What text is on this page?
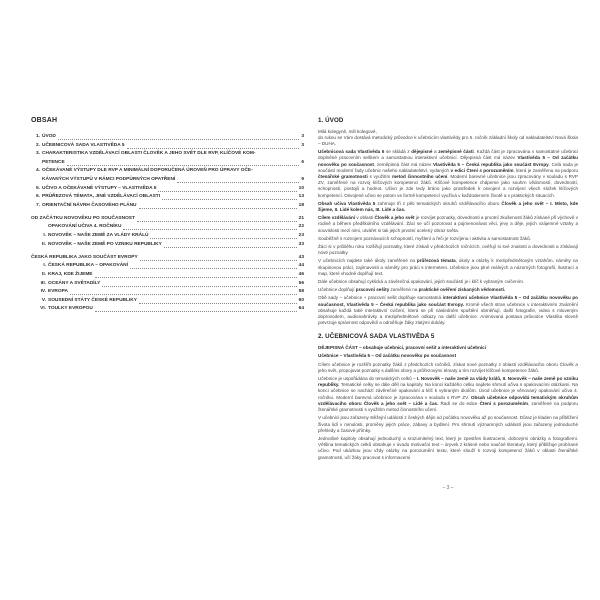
OBSAH
1. ÚVOD	3
2. UČEBNICOVÁ SADA VLASTIVĚDA 5	3
3. CHARAKTERISTIKA VZDĚLÁVACÍ OBLASTI ČLOVĚK A JEHO SVĚT DLE RVP, KLÍČOVÉ KOM-
PETENCE	6
4. OČEKÁVANÉ VÝSTUPY DLE RVP A MINIMÁLNÍ DOPORUČENÁ ÚROVEŇ PRO ÚPRAVY OČE-
KÁVANÝCH VÝSTUPŮ V RÁMCI PODPŮRNÝCH OPATŘENÍ	9
5. UČIVO A OČEKÁVANÉ VÝSTUPY – VLASTIVĚDA 5	10
6. PRŮŘEZOVÁ TÉMATA, JINÉ VZDĚLÁVACÍ OBLASTI	13
7. ORIENTAČNÍ NÁVRH ČASOVÉHO PLÁNU	18
OD ZAČÁTKU NOVOVĚKU PO SOUČASNOST	21
OPAKOVÁNÍ UČIVA 4. ROČNÍKU	22
I. NOVOVĚK – NAŠE ZEMĚ ZA VLÁDY KRÁLŮ	23
II. NOVOVĚK – NAŠE ZEMĚ PO VZNIKU REPUBLIKY	33
ČESKÁ REPUBLIKA JAKO SOUČÁST EVROPY	43
I. ČESKÁ REPUBLIKA – OPAKOVÁNÍ	44
II. KRAJ, KDE ŽIJEME	46
III. OCEÁNY A SVĚTADÍLY	56
IV. EVROPA	58
V. SOUSEDNÍ STÁTY ČESKÉ REPUBLIKY	60
VI. TOULKY EVROPOU	64
1. ÚVOD

Milá kolegyně, milí kolegové,
do rukou se Vám dostává metodický průvodce k učebnicím vlastivědy pro 5. ročník základní školy od nakladatelství Nová škola – DUHA.

Učebnicová sada Vlastivěda 5 se skládá z dějepisné a zeměpisné části. Každá část je zpracována v samostatné učebnici doplněné pracovním sešitem a samostatnou interaktivní učebnicí. Dějepisná část má název Vlastivěda 5 – Od začátku novověku po současnost, zeměpisná část má název Vlastivěda 5 – Česká republika jako součást Evropy. Celá sada je součástí moderní řady učebnic našeho nakladatelství, vydaných v edici Čtení s porozuměním, která je zaměřena na podporu čtenářské gramotnosti s využitím metod činnostního učení. Moderní barevné učebnice jsou zpracovány v souladu s RVP ZV, zaměřené na rozvoj klíčových kompetencí žáků. Klíčové kompetence chápeme jako souhrn vědomostí, dovedností, schopností, postojů a hodnot. Učivo je zde tedy bráno jako prostředek k osvojení a rozvíjení všech složek klíčových kompetencí. Osvojené učivo se potom ve formě kompetencí využívá v každodenním životě a v praktických situacích.

Obsah učiva Vlastivěda 5 zahrnuje tři z pěti tematických okruhů vzdělávacího oboru Člověk a jeho svět – I. Místo, kde žijeme, II. Lidé kolem nás, III. Lidé a čas.

Cílem vzdělávání v oblasti Člověk a jeho svět je rozvíjet poznatky, dovednosti a prvotní zkušenosti žáků získané při výchově v rodině a během předškolního vzdělávání. Žáci se učí pozorovat a pojmenovávat věci, jevy a děje, jejich vzájemné vztahy a souvislosti mezi nimi, utvářet si tak jejich prvotní ucelený obraz světa.

Souběžně s rozvojem poznávacích schopností, myšlení a řeči je rozvíjena i aktivita a samostatnost žáků.

Žáci si v průběhu roku rozšiřují poznatky, které získali v předchozích ročnících, ověřují si své znalosti a dovednosti a získávají nové poznatky.

V učebnicích najdete také úkoly zaměřené na průřezová témata, úkoly a otázky k mezipředmětovým vztahům, náměty na skupinovou práci, zajímavosti a náměty pro práci s internetem. Učebnice jsou plné reálných a názorných fotografií, ilustrací a map, které vhodně doplňují text.

Dále učebnice obsahují cyklická a závěrečná opakování, jejich součástí je i klíč k vybraným cvičením.

Učebnice doplňují pracovní sešity zaměřené na praktické ověření získaných vědomostí.

Obě sady – učebnice + pracovní sešit doplňuje samostatná interaktivní učebnice Vlastivěda 5 – Od začátku novověku po současnost, Vlastivěda 5 – Česká republika jako součást Evropy. Kromě všech stran učebnice v interaktivním ztvárnění obsahuje každá také interaktivní cvičení, která se při následném spuštění obměňují, další fotografie, videa s mluveným doprovodem, audionahrávky a mezipředmětové odkazy na další učebnice. Animovaná postava průvodce Vlastíka slovně potvrzuje správnost odpovědí a odměňuje žáky zlatými dukáty.

2. UČEBNICOVÁ SADA VLASTIVĚDA 5

DĚJEPISNÁ ČÁST – obsahuje učebnici, pracovní sešit a interaktivní učebnici

Učebnice – Vlastivěda 5 – Od začátku novověku po současnost

Cílem učebnice je rozšířit poznatky žáků z předchozích ročníků, získat nové poznatky z oblasti vzdělávacího oboru Člověk a jeho svět, propojovat poznatky s dalšími obory a průřezovými tématy a tím rozvíjet klíčové kompetence žáků.

Učebnice je uspořádána do tematických celků – I. Novověk – naše země za vlády králů, II. Novověk – naše země po vzniku republiky. Tematické celky se dále dělí na kapitoly. Na konci každého celku najdete shrnutí učiva s opakovacími otázkami. Na konci učebnice se nachází závěrečné opakování a klíč k vybraným úkolům. Úvod učebnice je věnovaný opakování učiva 4. ročníku. Moderní barevná učebnice je zpracována v souladu s RVP ZV. Obsah učebnice odpovídá tematickým okruhům vzdělávacího oboru Člověk a jeho svět – Lidé a čas. Řadí se do edice Čtení s porozuměním, zaměřené na podporu čtenářské gramotnosti s využitím metod činnostního učení.

V učebnici jsou zařazeny stěžejní události z českých dějin od počátku novověku až po současnost. Důraz je kladen na přiblížení života lidí v minulosti, proměny jejich práce, zábavy a bydlení. Pro shrnutí významných událostí jsou zařazeny jednoduché přehledy a časové přímky.

Jednotlivé kapitoly obsahují jednoduchý a srozumitelný text, který je zpestřen ilustracemi, dobovými obrázky a fotografiemi. Většina tematických celků obsahuje v úvodu motivační text – úryvek z krásné nebo naučné literatury, který přibližuje probírané učivo. Pod ukázkou jsou vždy otázky na porozumění textu, které slouží k rozvoji kompetencí žáků v oblasti čtenářské gramotnosti, učí žáky pracovat s informacemi

– 3 –
